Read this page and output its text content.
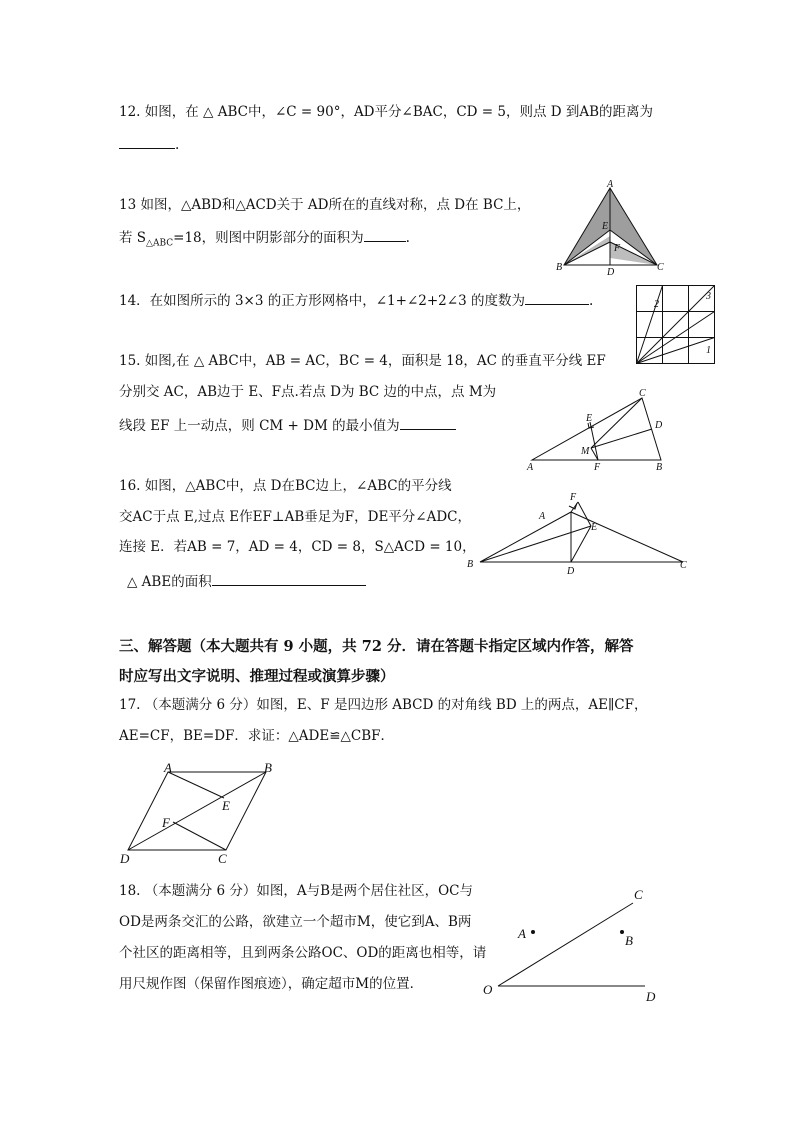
12. 如图，在 △ ABC中，∠C = 90°，AD平分∠BAC，CD = 5，则点 D 到AB的距离为
.
13 如图，△ABD和△ACD关于 AD所在的直线对称，点 D在 BC上，
若 $S_{\triangle ABC}=18$，则图中阴影部分的面积为	.
A
B	C
D
E
F
14．在如图所示的 3×3 的正方形网格中，∠1+∠2+2∠3 的度数为	.	2
3
1
15. 如图,在 △ ABC中，AB = AC，BC = 4，面积是 18，AC 的垂直平分线 EF
分别交 AC，AB边于 E、F点.若点 D为 BC 边的中点，点 M为
线段 EF 上一动点，则 CM + DM 的最小值为
A	B
C
D
E
F
M
16. 如图，△ABC中，点 D在BC边上，∠ABC的平分线
交AC于点 E,过点 E作EF⊥AB垂足为F，DE平分∠ADC，
连接 E．若AB = 7，AD = 4，CD = 8，S△ACD = 10，
△ ABE的面积
B	C
A
D
E
F
三、解答题（本大题共有 9 小题，共 72 分．请在答题卡指定区域内作答，解答
时应写出文字说明、推理过程或演算步骤）
17. （本题满分 6 分）如图，E、F 是四边形 ABCD 的对角线 BD 上的两点，AE∥CF，
AE=CF，BE=DF．求证：△ADE≌△CBF．
A	B
C
D
E
F
18. （本题满分 6 分）如图，A与B是两个居住社区，OC与
OD是两条交汇的公路，欲建立一个超市M，使它到A、B两
个社区的距离相等，且到两条公路OC、OD的距离也相等，请
用尺规作图（保留作图痕迹），确定超市M的位置．
A	B
C
D
O
